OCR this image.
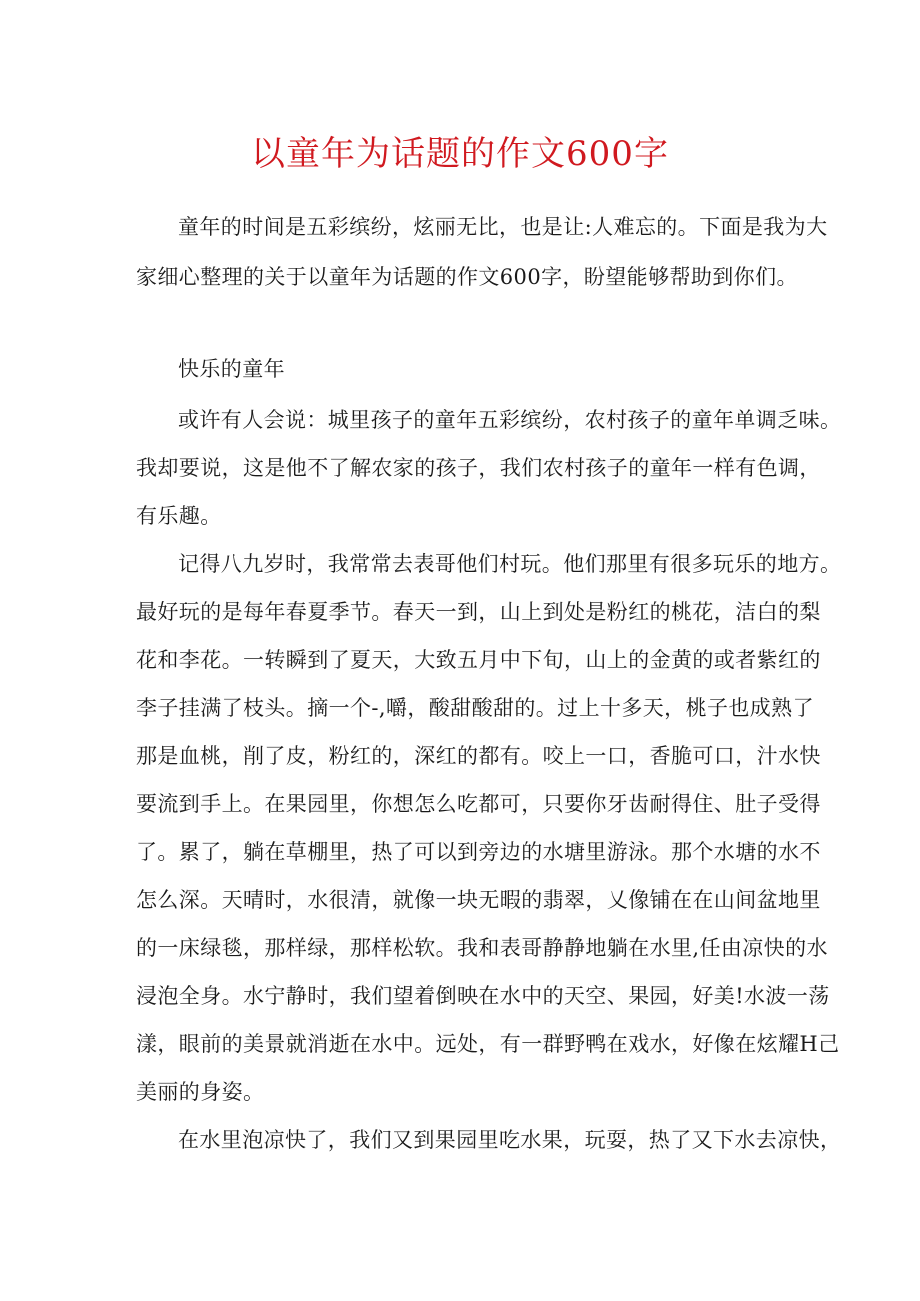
以童年为话题的作文600字
童年的时间是五彩缤纷，炫丽无比，也是让:人难忘的。下面是我为大
家细心整理的关于以童年为话题的作文600字，盼望能够帮助到你们。
快乐的童年
或许有人会说：城里孩子的童年五彩缤纷，农村孩子的童年单调乏味。
我却要说，这是他不了解农家的孩子，我们农村孩子的童年一样有色调，
有乐趣。
记得八九岁时，我常常去表哥他们村玩。他们那里有很多玩乐的地方。
最好玩的是每年春夏季节。春天一到，山上到处是粉红的桃花，洁白的梨
花和李花。一转瞬到了夏天，大致五月中下旬，山上的金黄的或者紫红的
李子挂满了枝头。摘一个-,嚼，酸甜酸甜的。过上十多天，桃子也成熟了
那是血桃，削了皮，粉红的，深红的都有。咬上一口，香脆可口，汁水快
要流到手上。在果园里，你想怎么吃都可，只要你牙齿耐得住、肚子受得
了。累了，躺在草棚里，热了可以到旁边的水塘里游泳。那个水塘的水不
怎么深。天晴时，水很清，就像一块无暇的翡翠，乂像铺在在山间盆地里
的一床绿毯，那样绿，那样松软。我和表哥静静地躺在水里,任由凉快的水
浸泡全身。水宁静时，我们望着倒映在水中的天空、果园，好美!水波一荡
漾，眼前的美景就消逝在水中。远处，有一群野鸭在戏水，好像在炫耀H己
美丽的身姿。
在水里泡凉快了，我们又到果园里吃水果，玩耍，热了又下水去凉快，
